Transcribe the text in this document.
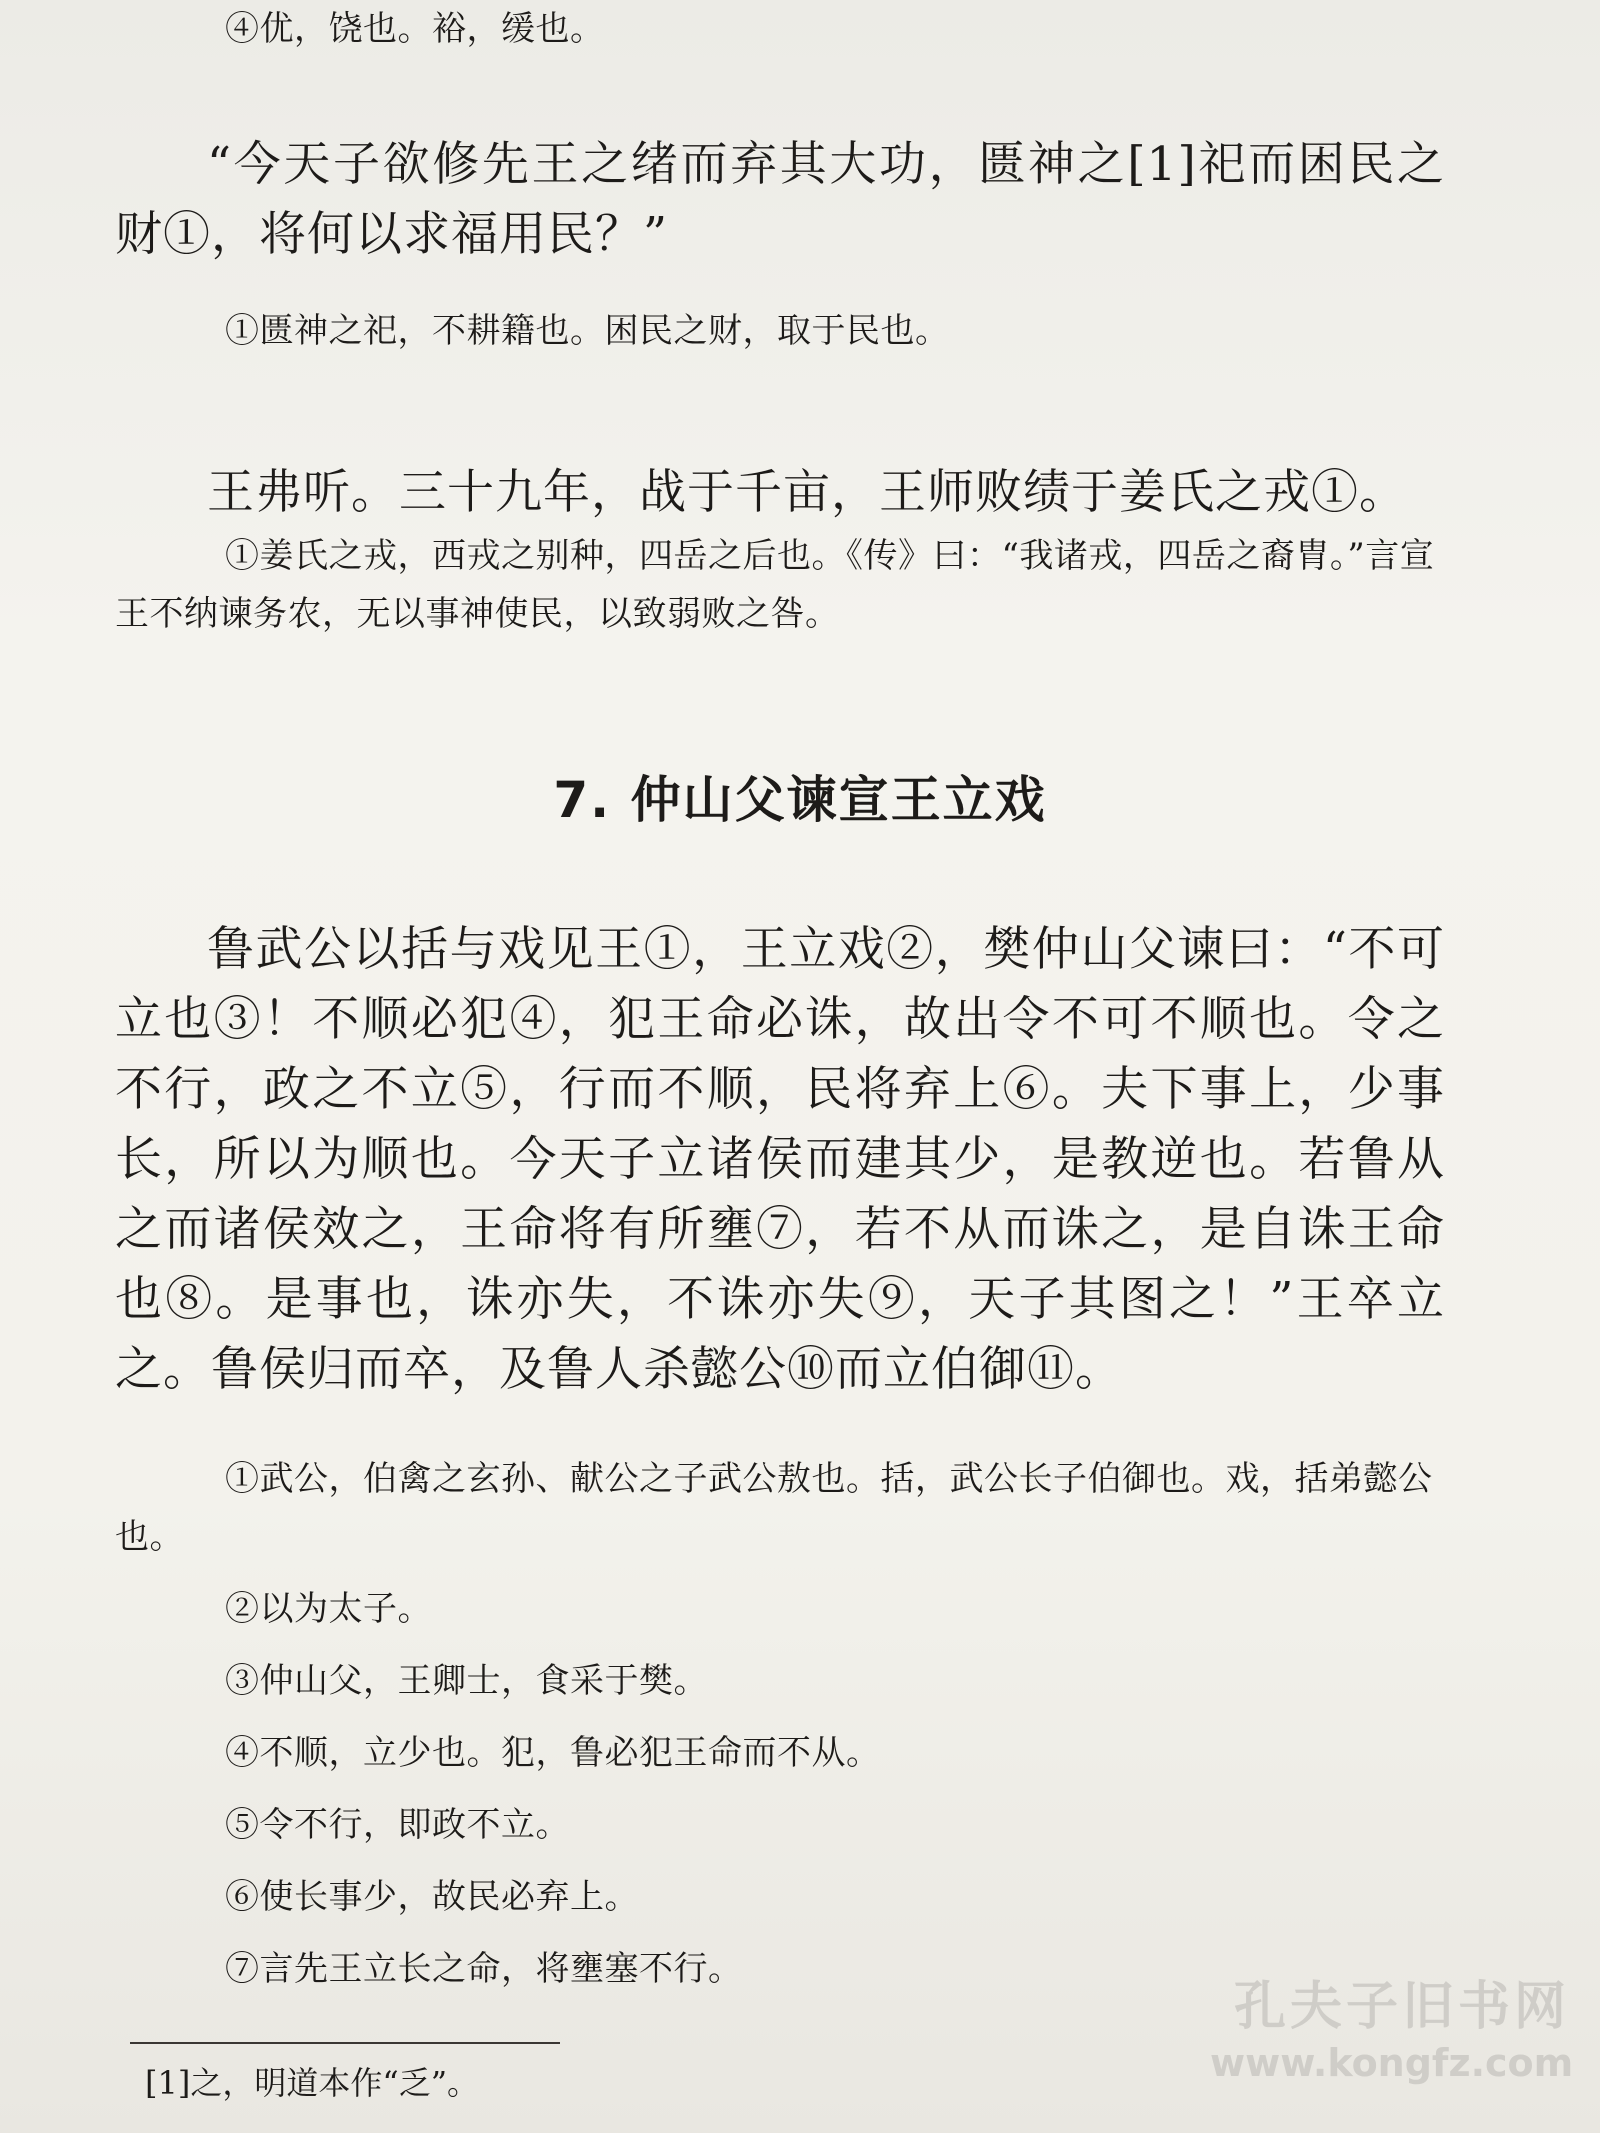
④优，饶也。裕，缓也。
“今天子欲修先王之绪而弃其大功，匮神之[1]祀而困民之财①，将何以求福用民？”
①匮神之祀，不耕籍也。困民之财，取于民也。
王弗听。三十九年，战于千亩，王师败绩于姜氏之戎①。
①姜氏之戎，西戎之别种，四岳之后也。《传》曰：“我诸戎，四岳之裔胄。”言宣王不纳谏务农，无以事神使民，以致弱败之咎。
7. 仲山父谏宣王立戏
鲁武公以括与戏见王①，王立戏②，樊仲山父谏曰：“不可立也③！不顺必犯④，犯王命必诛，故出令不可不顺也。令之不行，政之不立⑤，行而不顺，民将弃上⑥。夫下事上，少事长，所以为顺也。今天子立诸侯而建其少，是教逆也。若鲁从之而诸侯效之，王命将有所壅⑦，若不从而诛之，是自诛王命也⑧。是事也，诛亦失，不诛亦失⑨，天子其图之！”王卒立之。鲁侯归而卒，及鲁人杀懿公⑩而立伯御⑪。
①武公，伯禽之玄孙、献公之子武公敖也。括，武公长子伯御也。戏，括弟懿公也。
②以为太子。
③仲山父，王卿士，食采于樊。
④不顺，立少也。犯，鲁必犯王命而不从。
⑤令不行，即政不立。
⑥使长事少，故民必弃上。
⑦言先王立长之命，将壅塞不行。
[1]之，明道本作“乏”。
孔夫子旧书网
www.kongfz.com
